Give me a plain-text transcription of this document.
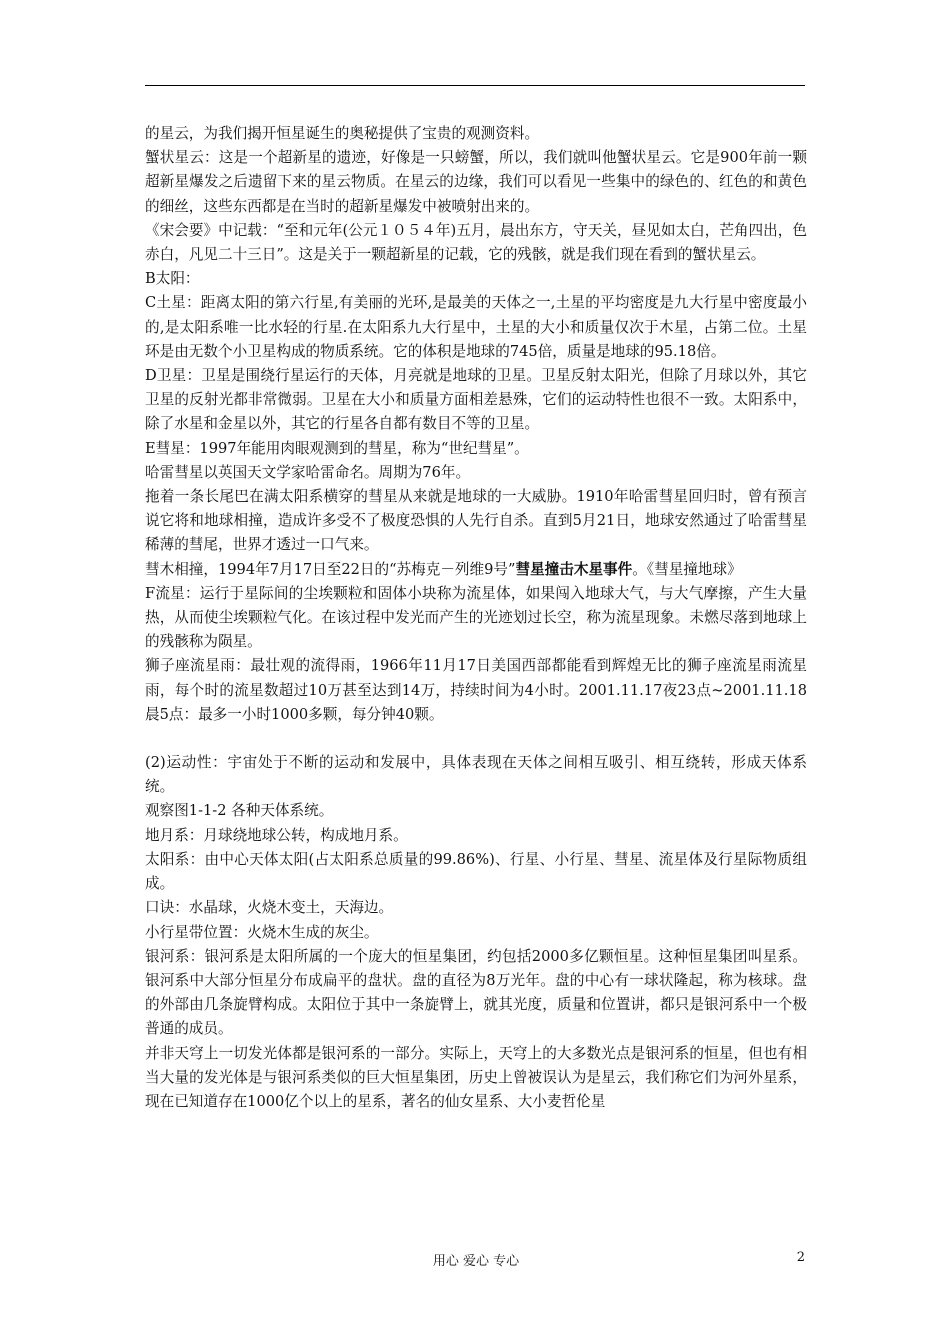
的星云，为我们揭开恒星诞生的奥秘提供了宝贵的观测资料。

蟹状星云：这是一个超新星的遗迹，好像是一只螃蟹，所以，我们就叫他蟹状星云。它是900年前一颗超新星爆发之后遗留下来的星云物质。在星云的边缘，我们可以看见一些集中的绿色的、红色的和黄色的细丝，这些东西都是在当时的超新星爆发中被喷射出来的。

《宋会要》中记载：“至和元年(公元１０５４年)五月，晨出东方，守天关，昼见如太白，芒角四出，色赤白，凡见二十三日”。这是关于一颗超新星的记载，它的残骸，就是我们现在看到的蟹状星云。

B太阳：

C土星：距离太阳的第六行星,有美丽的光环,是最美的天体之一,土星的平均密度是九大行星中密度最小的,是太阳系唯一比水轻的行星.在太阳系九大行星中，土星的大小和质量仅次于木星，占第二位。土星环是由无数个小卫星构成的物质系统。它的体积是地球的745倍，质量是地球的95.18倍。

D卫星：卫星是围绕行星运行的天体，月亮就是地球的卫星。卫星反射太阳光，但除了月球以外，其它卫星的反射光都非常微弱。卫星在大小和质量方面相差悬殊，它们的运动特性也很不一致。太阳系中，除了水星和金星以外，其它的行星各自都有数目不等的卫星。

E彗星：1997年能用肉眼观测到的彗星，称为“世纪彗星”。

哈雷彗星以英国天文学家哈雷命名。周期为76年。

拖着一条长尾巴在满太阳系横穿的彗星从来就是地球的一大威胁。1910年哈雷彗星回归时，曾有预言说它将和地球相撞，造成许多受不了极度恐惧的人先行自杀。直到5月21日，地球安然通过了哈雷彗星稀薄的彗尾，世界才透过一口气来。

彗木相撞，1994年7月17日至22日的“苏梅克－列维9号”彗星撞击木星事件。《彗星撞地球》

F流星：运行于星际间的尘埃颗粒和固体小块称为流星体，如果闯入地球大气，与大气摩擦，产生大量热，从而使尘埃颗粒气化。在该过程中发光而产生的光迹划过长空，称为流星现象。未燃尽落到地球上的残骸称为陨星。

狮子座流星雨：最壮观的流得雨，1966年11月17日美国西部都能看到辉煌无比的狮子座流星雨流星雨，每个时的流星数超过10万甚至达到14万，持续时间为4小时。2001.11.17夜23点~2001.11.18晨5点：最多一小时1000多颗，每分钟40颗。

(2)运动性：宇宙处于不断的运动和发展中，具体表现在天体之间相互吸引、相互绕转，形成天体系统。

观察图1-1-2 各种天体系统。

地月系：月球绕地球公转，构成地月系。

太阳系：由中心天体太阳(占太阳系总质量的99.86%)、行星、小行星、彗星、流星体及行星际物质组成。

口诀：水晶球，火烧木变土，天海边。

小行星带位置：火烧木生成的灰尘。

银河系：银河系是太阳所属的一个庞大的恒星集团，约包括2000多亿颗恒星。这种恒星集团叫星系。银河系中大部分恒星分布成扁平的盘状。盘的直径为8万光年。盘的中心有一球状隆起，称为核球。盘的外部由几条旋臂构成。太阳位于其中一条旋臂上，就其光度，质量和位置讲，都只是银河系中一个极普通的成员。

并非天穹上一切发光体都是银河系的一部分。实际上，天穹上的大多数光点是银河系的恒星，但也有相当大量的发光体是与银河系类似的巨大恒星集团，历史上曾被误认为是星云，我们称它们为河外星系，现在已知道存在1000亿个以上的星系，著名的仙女星系、大小麦哲伦星

用心 爱心 专心	2
